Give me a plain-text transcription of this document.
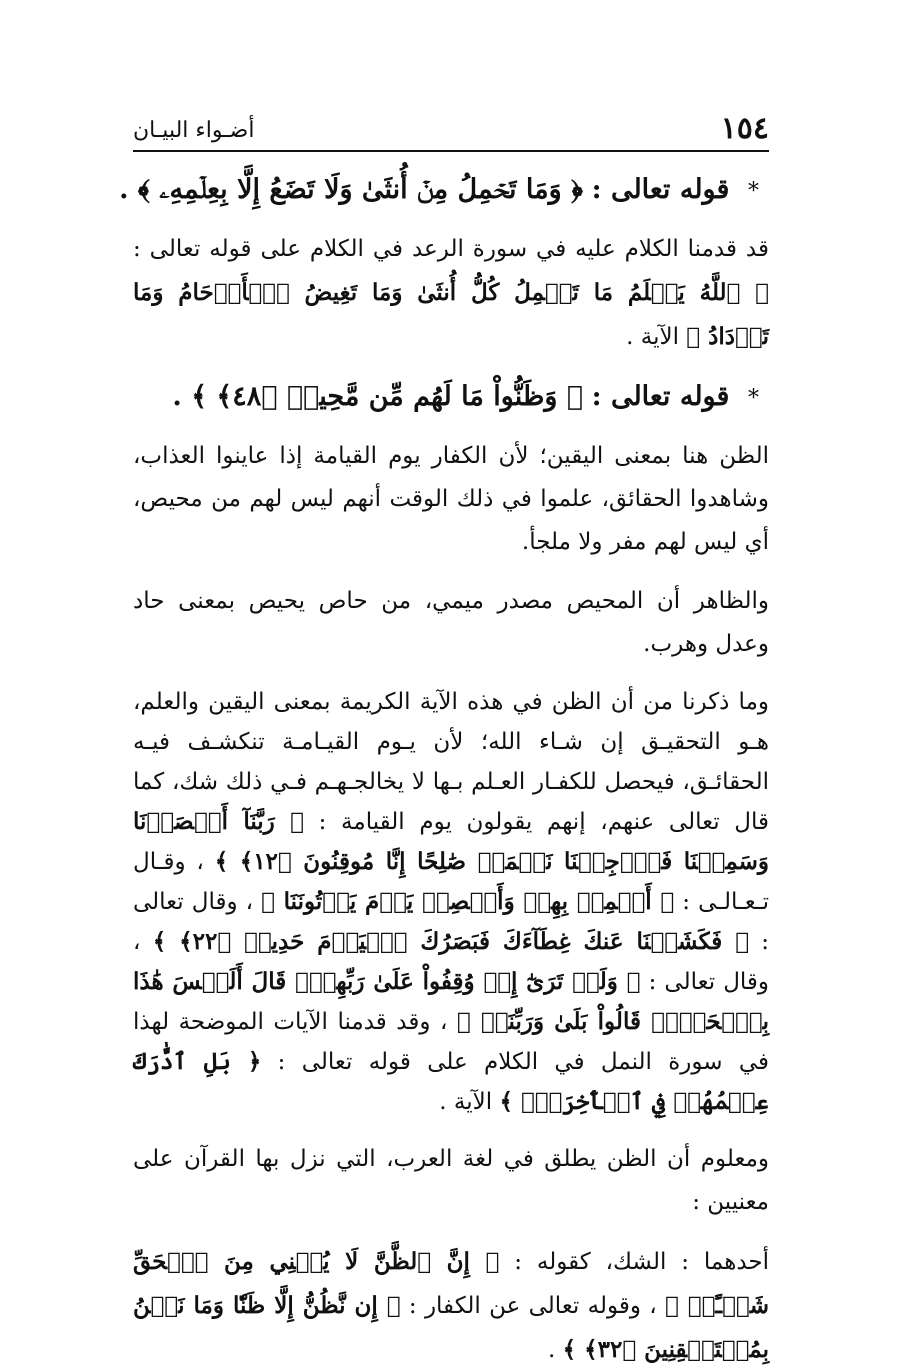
١٥٤
أضـواء البيـان
* قوله تعالى : ﴿ وَمَا تَحۡمِلُ مِنۡ أُنثَىٰ وَلَا تَضَعُ إِلَّا بِعِلۡمِهِۦ ﴾ .

قد قدمنا الكلام عليه في سورة الرعد في الكلام على قوله تعالى : ﴿ ٱللَّهُ يَعۡلَمُ مَا تَحۡمِلُ كُلُّ أُنثَىٰ وَمَا تَغِيضُ ٱلۡأَرۡحَامُ وَمَا تَزۡدَادُ ﴾ الآية .

* قوله تعالى : ﴿ وَظَنُّواْ مَا لَهُم مِّن مَّحِيصٖ ﴿٤٨﴾ ﴾ .

الظن هنا بمعنى اليقين؛ لأن الكفار يوم القيامة إذا عاينوا العذاب، وشاهدوا الحقائق، علموا في ذلك الوقت أنهم ليس لهم من محيص، أي ليس لهم مفر ولا ملجأ.

والظاهر أن المحيص مصدر ميمي، من حاص يحيص بمعنى حاد وعدل وهرب.

وما ذكرنا من أن الظن في هذه الآية الكريمة بمعنى اليقين والعلم، هـو التحقيـق إن شـاء الله؛ لأن يـوم القيـامـة تنكشـف فيـه الحقائـق، فيحصل للكفـار العـلم بـها لا يخالجـهـم فـي ذلك شك، كما قال تعالى عنهم، إنهم يقولون يوم القيامة : ﴿ رَبَّنَآ أَبۡصَرۡنَا وَسَمِعۡنَا فَٱرۡجِعۡنَا نَعۡمَلۡ صَٰلِحًا إِنَّا مُوقِنُونَ ﴿١٢﴾ ﴾ ، وقـال تـعـالـى : ﴿ أَسۡمِعۡ بِهِمۡ وَأَبۡصِرۡ يَوۡمَ يَأۡتُونَنَا ﴾ ، وقال تعالى : ﴿ فَكَشَفۡنَا عَنكَ غِطَآءَكَ فَبَصَرُكَ ٱلۡيَوۡمَ حَدِيدٞ ﴿٢٢﴾ ﴾ ، وقال تعالى : ﴿ وَلَوۡ تَرَىٰٓ إِذۡ وُقِفُواْ عَلَىٰ رَبِّهِمۡۚ قَالَ أَلَيۡسَ هَٰذَا بِٱلۡحَقِّۚ قَالُواْ بَلَىٰ وَرَبِّنَاۚ ﴾ ، وقد قدمنا الآيات الموضحة لهذا في سورة النمل في الكلام على قوله تعالى : ﴿ بَلِ ٱدَّٰرَكَ عِلۡمُهُمۡ فِي ٱلۡأٓخِرَةِۚ ﴾ الآية .

ومعلوم أن الظن يطلق في لغة العرب، التي نزل بها القرآن على معنيين :

أحدهما : الشك، كقوله : ﴿ إِنَّ ٱلظَّنَّ لَا يُغۡنِي مِنَ ٱلۡحَقِّ شَيۡـًٔاۚ ﴾ ، وقوله تعالى عن الكفار : ﴿ إِن نَّظُنُّ إِلَّا ظَنّٗا وَمَا نَحۡنُ بِمُسۡتَيۡقِنِينَ ﴿٣٢﴾ ﴾ .
